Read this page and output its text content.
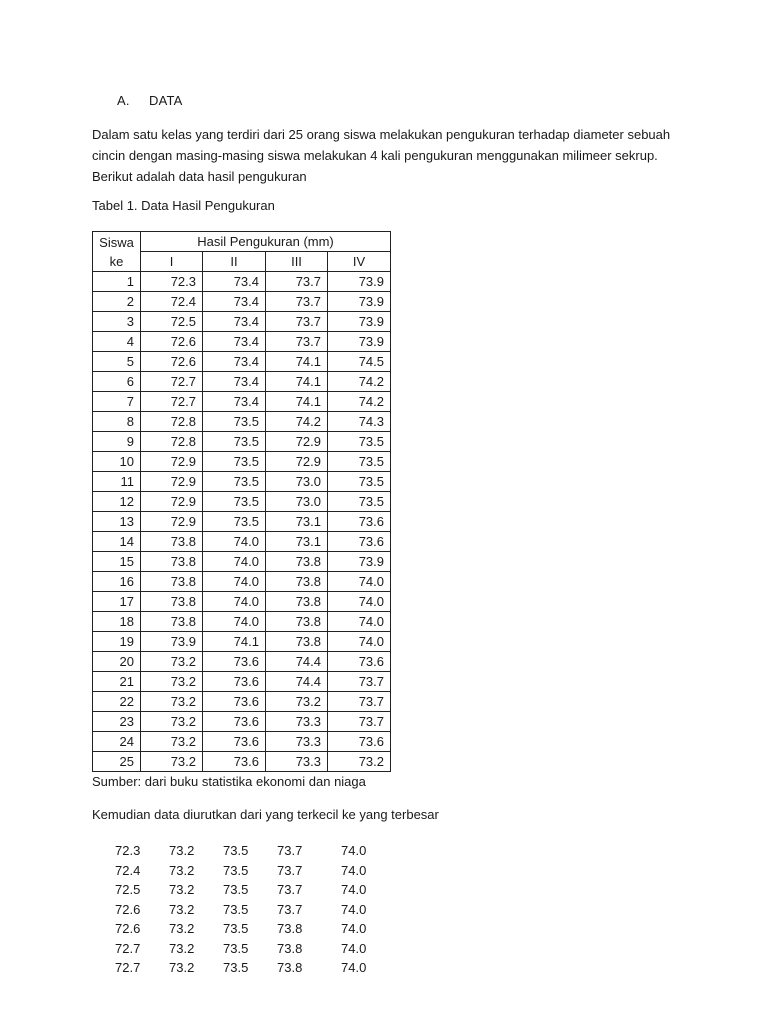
A. DATA
Dalam satu kelas yang terdiri dari 25 orang siswa melakukan pengukuran terhadap diameter sebuah cincin dengan masing-masing siswa melakukan 4 kali pengukuran menggunakan milimeer sekrup. Berikut adalah data hasil pengukuran
Tabel 1. Data Hasil Pengukuran
Siswa
ke	Hasil Pengukuran (mm)			
	I	II	III	IV
1	72.3	73.4	73.7	73.9
2	72.4	73.4	73.7	73.9
3	72.5	73.4	73.7	73.9
4	72.6	73.4	73.7	73.9
5	72.6	73.4	74.1	74.5
6	72.7	73.4	74.1	74.2
7	72.7	73.4	74.1	74.2
8	72.8	73.5	74.2	74.3
9	72.8	73.5	72.9	73.5
10	72.9	73.5	72.9	73.5
11	72.9	73.5	73.0	73.5
12	72.9	73.5	73.0	73.5
13	72.9	73.5	73.1	73.6
14	73.8	74.0	73.1	73.6
15	73.8	74.0	73.8	73.9
16	73.8	74.0	73.8	74.0
17	73.8	74.0	73.8	74.0
18	73.8	74.0	73.8	74.0
19	73.9	74.1	73.8	74.0
20	73.2	73.6	74.4	73.6
21	73.2	73.6	74.4	73.7
22	73.2	73.6	73.2	73.7
23	73.2	73.6	73.3	73.7
24	73.2	73.6	73.3	73.6
25	73.2	73.6	73.3	73.2
Sumber: dari buku statistika ekonomi dan niaga
Kemudian data diurutkan dari yang terkecil ke yang terbesar
72.3 73.2 73.5 73.7	74.0
72.4 73.2 73.5 73.7	74.0
72.5 73.2 73.5 73.7	74.0
72.6 73.2 73.5 73.7	74.0
72.6 73.2 73.5 73.8	74.0
72.7 73.2 73.5 73.8	74.0
72.7 73.2 73.5 73.8	74.0
